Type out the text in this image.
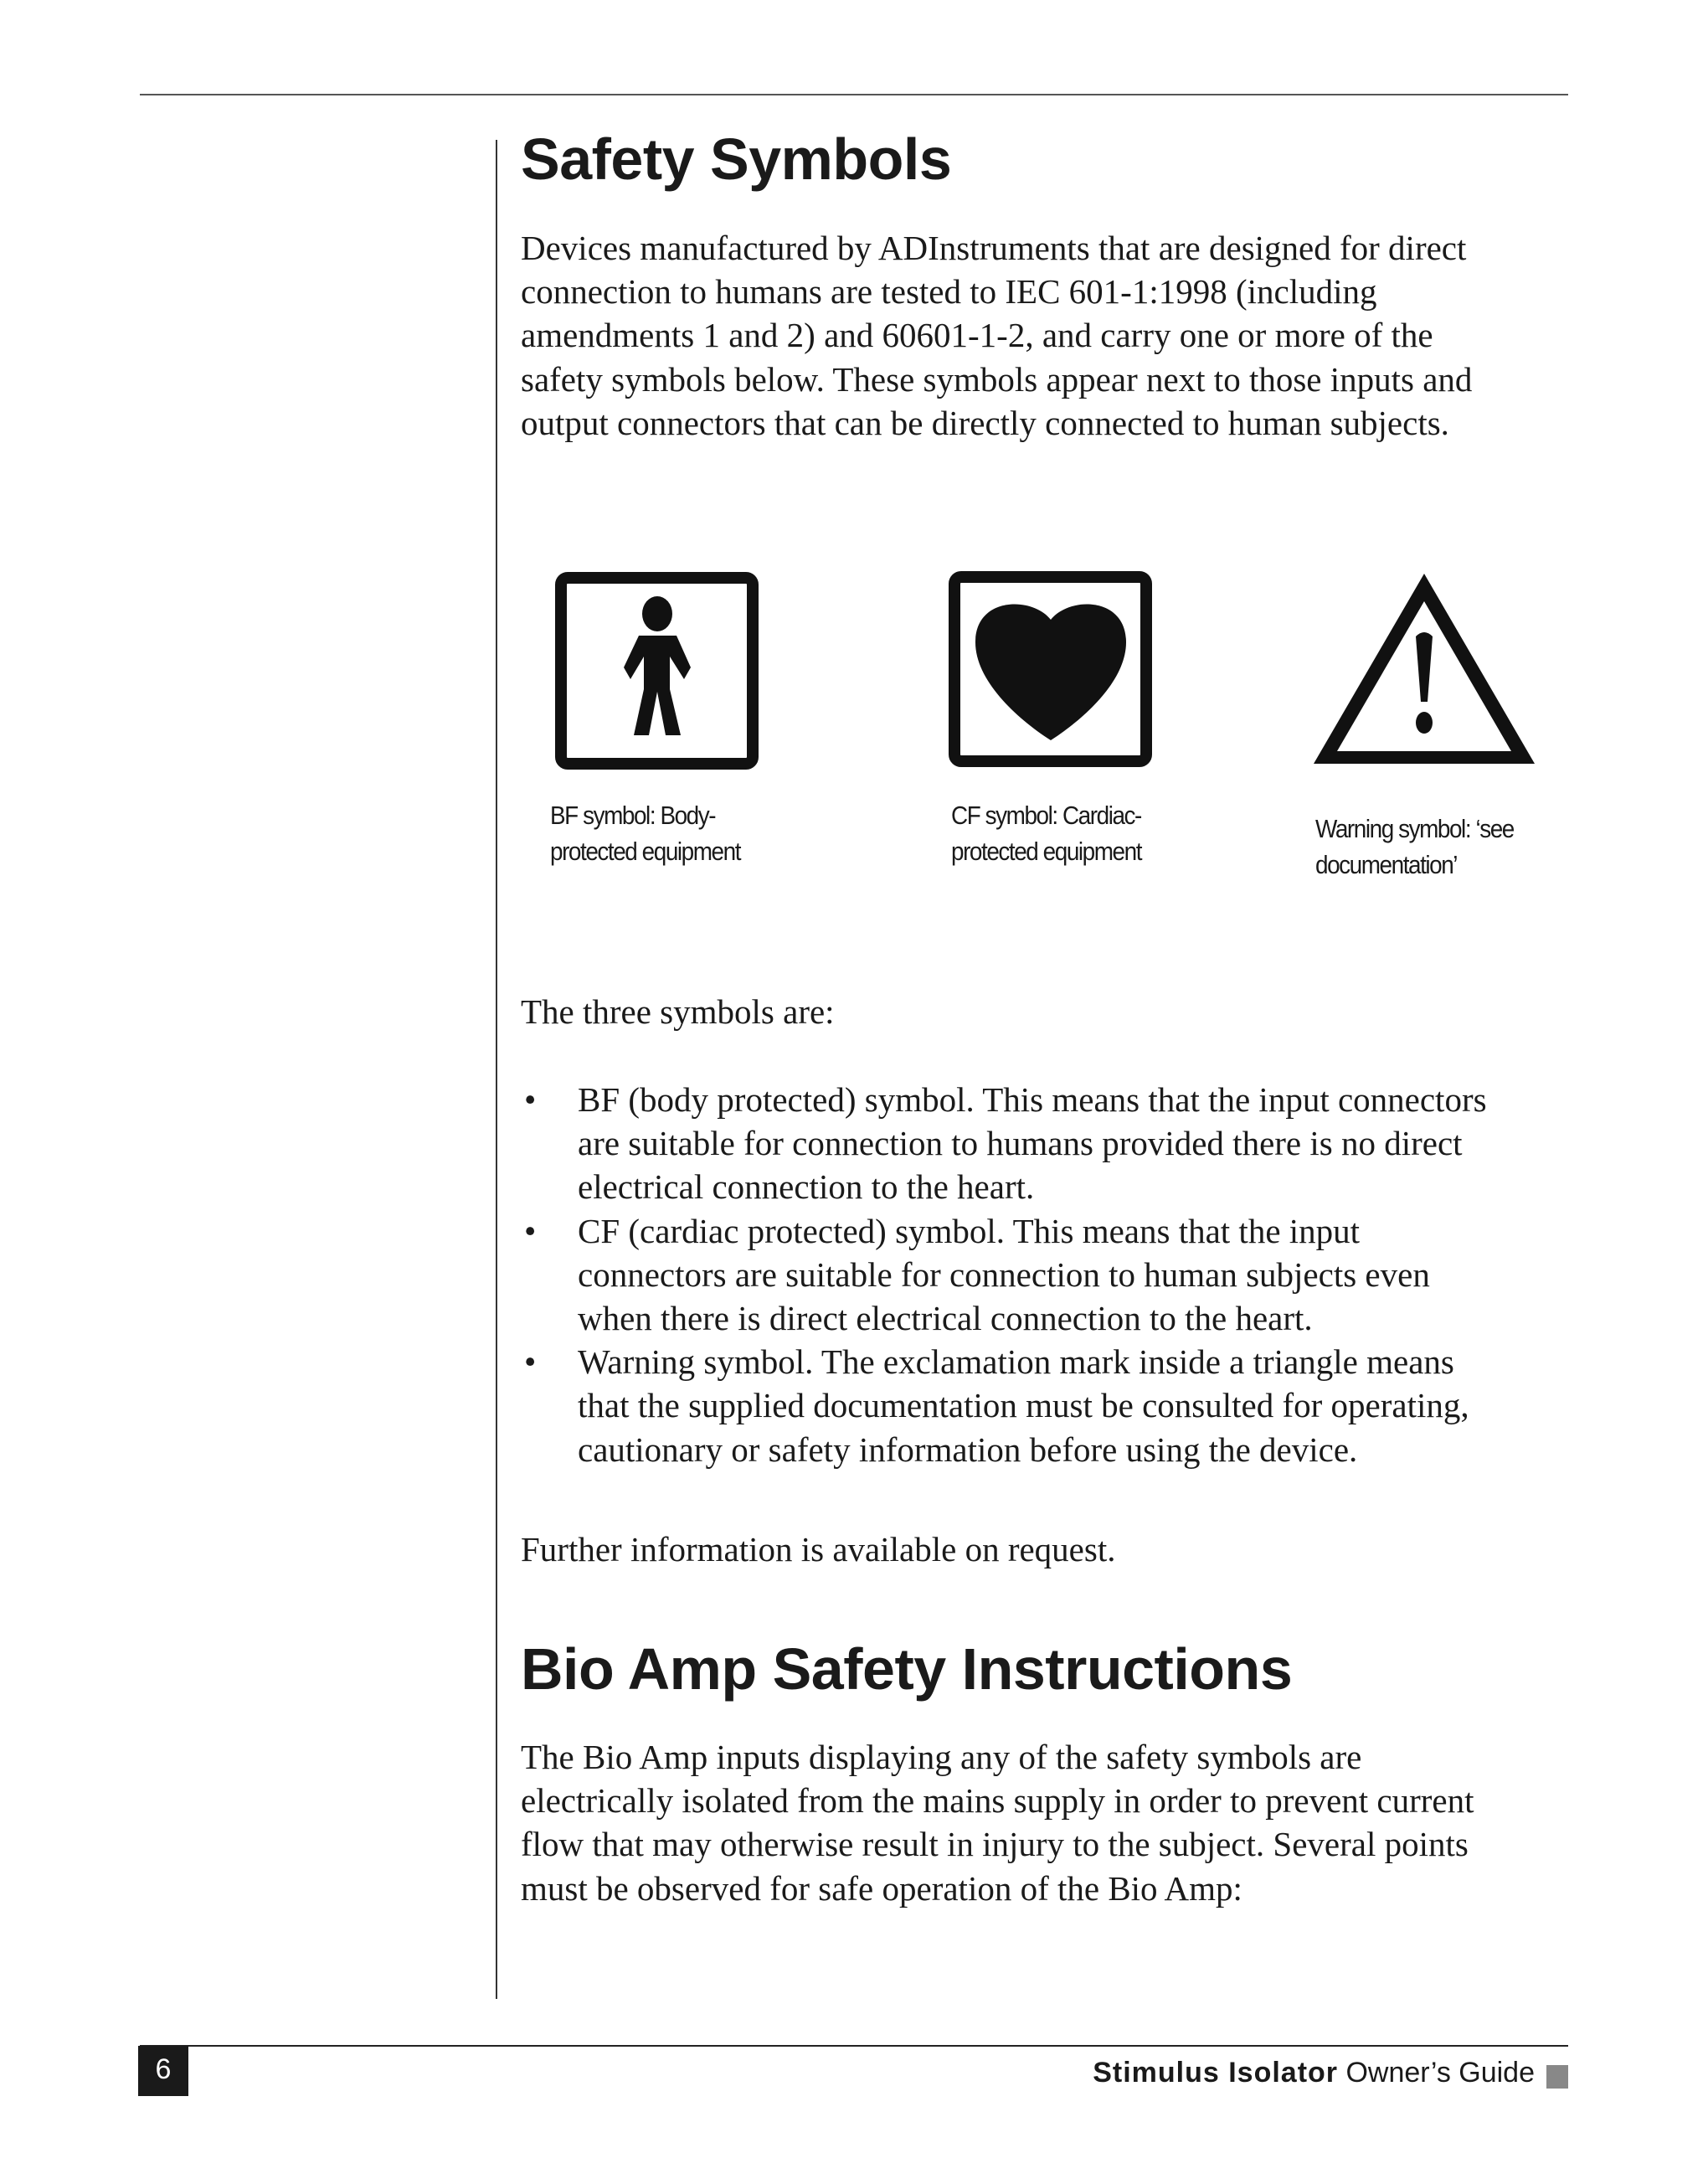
Safety Symbols
Devices manufactured by ADInstruments that are designed for direct
connection to humans are tested to IEC 601-1:1998 (including
amendments 1 and 2) and 60601-1-2, and carry one or more of the
safety symbols below. These symbols appear next to those inputs and
output connectors that can be directly connected to human subjects.
BF symbol: Body-
protected equipment
CF symbol: Cardiac-
protected equipment
Warning symbol: ‘see
documentation’
The three symbols are:
• BF (body protected) symbol. This means that the input connectors
are suitable for connection to humans provided there is no direct
electrical connection to the heart.
• CF (cardiac protected) symbol. This means that the input
connectors are suitable for connection to human subjects even
when there is direct electrical connection to the heart.
• Warning symbol. The exclamation mark inside a triangle means
that the supplied documentation must be consulted for operating,
cautionary or safety information before using the device.
Further information is available on request.
Bio Amp Safety Instructions
The Bio Amp inputs displaying any of the safety symbols are
electrically isolated from the mains supply in order to prevent current
flow that may otherwise result in injury to the subject. Several points
must be observed for safe operation of the Bio Amp:
6	Stimulus Isolator Owner’s Guide
